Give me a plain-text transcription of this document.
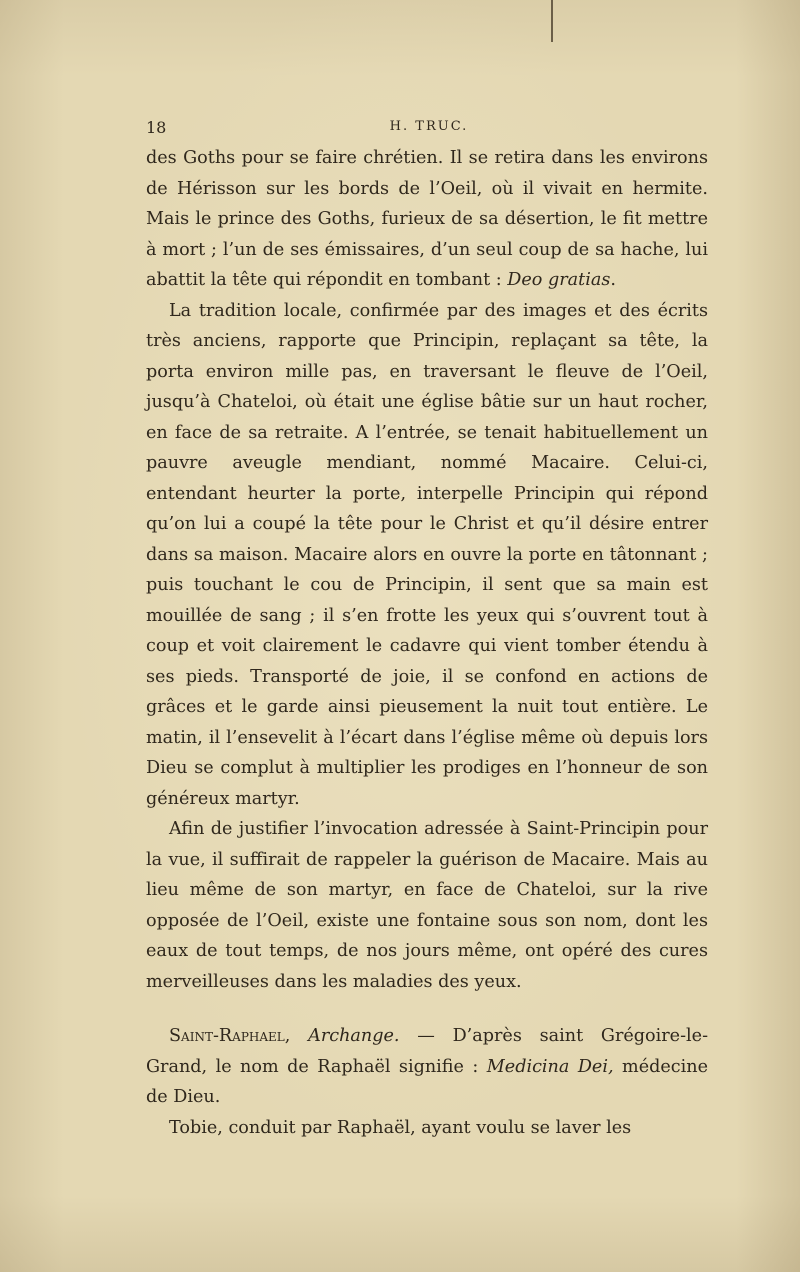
18	H. TRUC.

des Goths pour se faire chrétien. Il se retira dans les environs de Hérisson sur les bords de l’Oeil, où il vivait en hermite. Mais le prince des Goths, furieux de sa désertion, le fit mettre à mort ; l’un de ses émissaires, d’un seul coup de sa hache, lui abattit la tête qui répondit en tombant : Deo gratias.

La tradition locale, confirmée par des images et des écrits très anciens, rapporte que Principin, replaçant sa tête, la porta environ mille pas, en traversant le fleuve de l’Oeil, jusqu’à Chateloi, où était une église bâtie sur un haut rocher, en face de sa retraite. A l’entrée, se tenait habituellement un pauvre aveugle mendiant, nommé Macaire. Celui-ci, entendant heurter la porte, interpelle Principin qui répond qu’on lui a coupé la tête pour le Christ et qu’il désire entrer dans sa maison. Macaire alors en ouvre la porte en tâtonnant ; puis touchant le cou de Principin, il sent que sa main est mouillée de sang ; il s’en frotte les yeux qui s’ouvrent tout à coup et voit clairement le cadavre qui vient tomber étendu à ses pieds. Transporté de joie, il se confond en actions de grâces et le garde ainsi pieusement la nuit tout entière. Le matin, il l’ensevelit à l’écart dans l’église même où depuis lors Dieu se complut à multiplier les prodiges en l’honneur de son généreux martyr.

Afin de justifier l’invocation adressée à Saint-Principin pour la vue, il suffirait de rappeler la guérison de Macaire. Mais au lieu même de son martyr, en face de Chateloi, sur la rive opposée de l’Oeil, existe une fontaine sous son nom, dont les eaux de tout temps, de nos jours même, ont opéré des cures merveilleuses dans les maladies des yeux.

Saint-Raphael, Archange. — D’après saint Grégoire-le-Grand, le nom de Raphaël signifie : Medicina Dei, médecine de Dieu.

Tobie, conduit par Raphaël, ayant voulu se laver les
